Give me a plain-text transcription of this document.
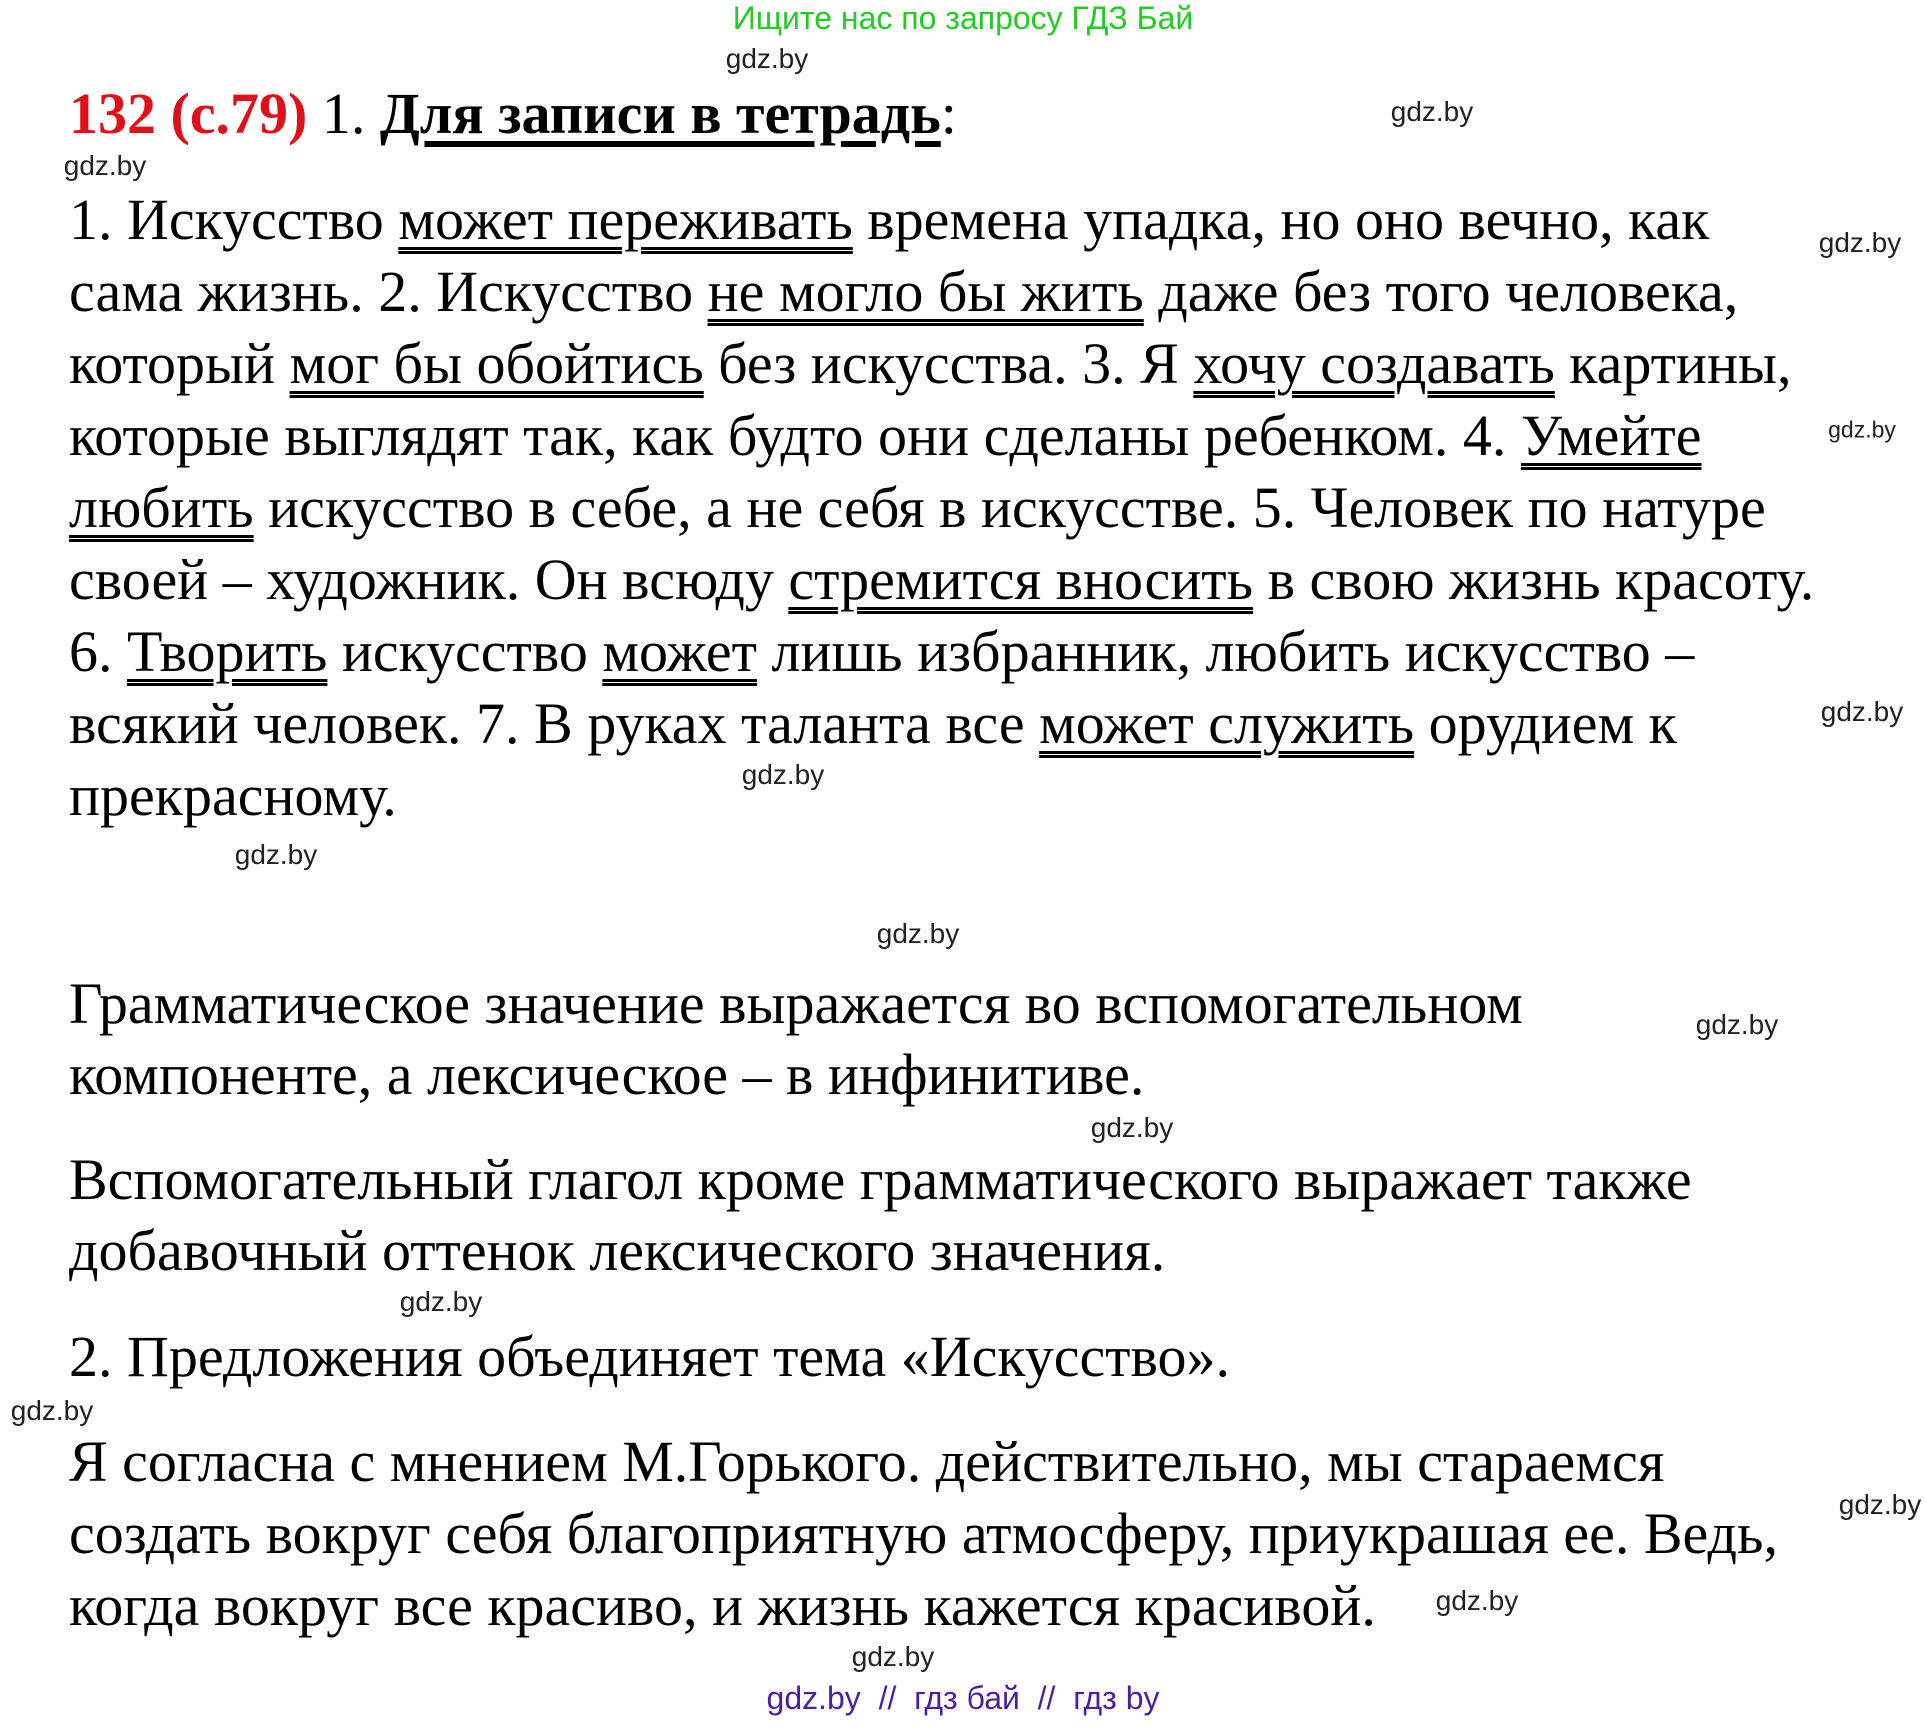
Ищите нас по запросу ГДЗ Бай
132 (с.79) 1. Для записи в тетрадь:
1. Искусство может переживать времена упадка, но оно вечно, как
сама жизнь. 2. Искусство не могло бы жить даже без того человека,
который мог бы обойтись без искусства. 3. Я хочу создавать картины,
которые выглядят так, как будто они сделаны ребенком. 4. Умейте
любить искусство в себе, а не себя в искусстве. 5. Человек по натуре
своей – художник. Он всюду стремится вносить в свою жизнь красоту.
6. Творить искусство может лишь избранник, любить искусство –
всякий человек. 7. В руках таланта все может служить орудием к
прекрасному.
Грамматическое значение выражается во вспомогательном
компоненте, а лексическое – в инфинитиве.
Вспомогательный глагол кроме грамматического выражает также
добавочный оттенок лексического значения.
2. Предложения объединяет тема «Искусство».
Я согласна с мнением М.Горького. действительно, мы стараемся
создать вокруг себя благоприятную атмосферу, приукрашая ее. Ведь,
когда вокруг все красиво, и жизнь кажется красивой.
gdz.by
gdz.by
gdz.by
gdz.by
gdz.by
gdz.by
gdz.by
gdz.by
gdz.by
gdz.by
gdz.by
gdz.by
gdz.by
gdz.by
gdz.by
gdz.by
gdz.by  //  гдз бай  //  гдз by
